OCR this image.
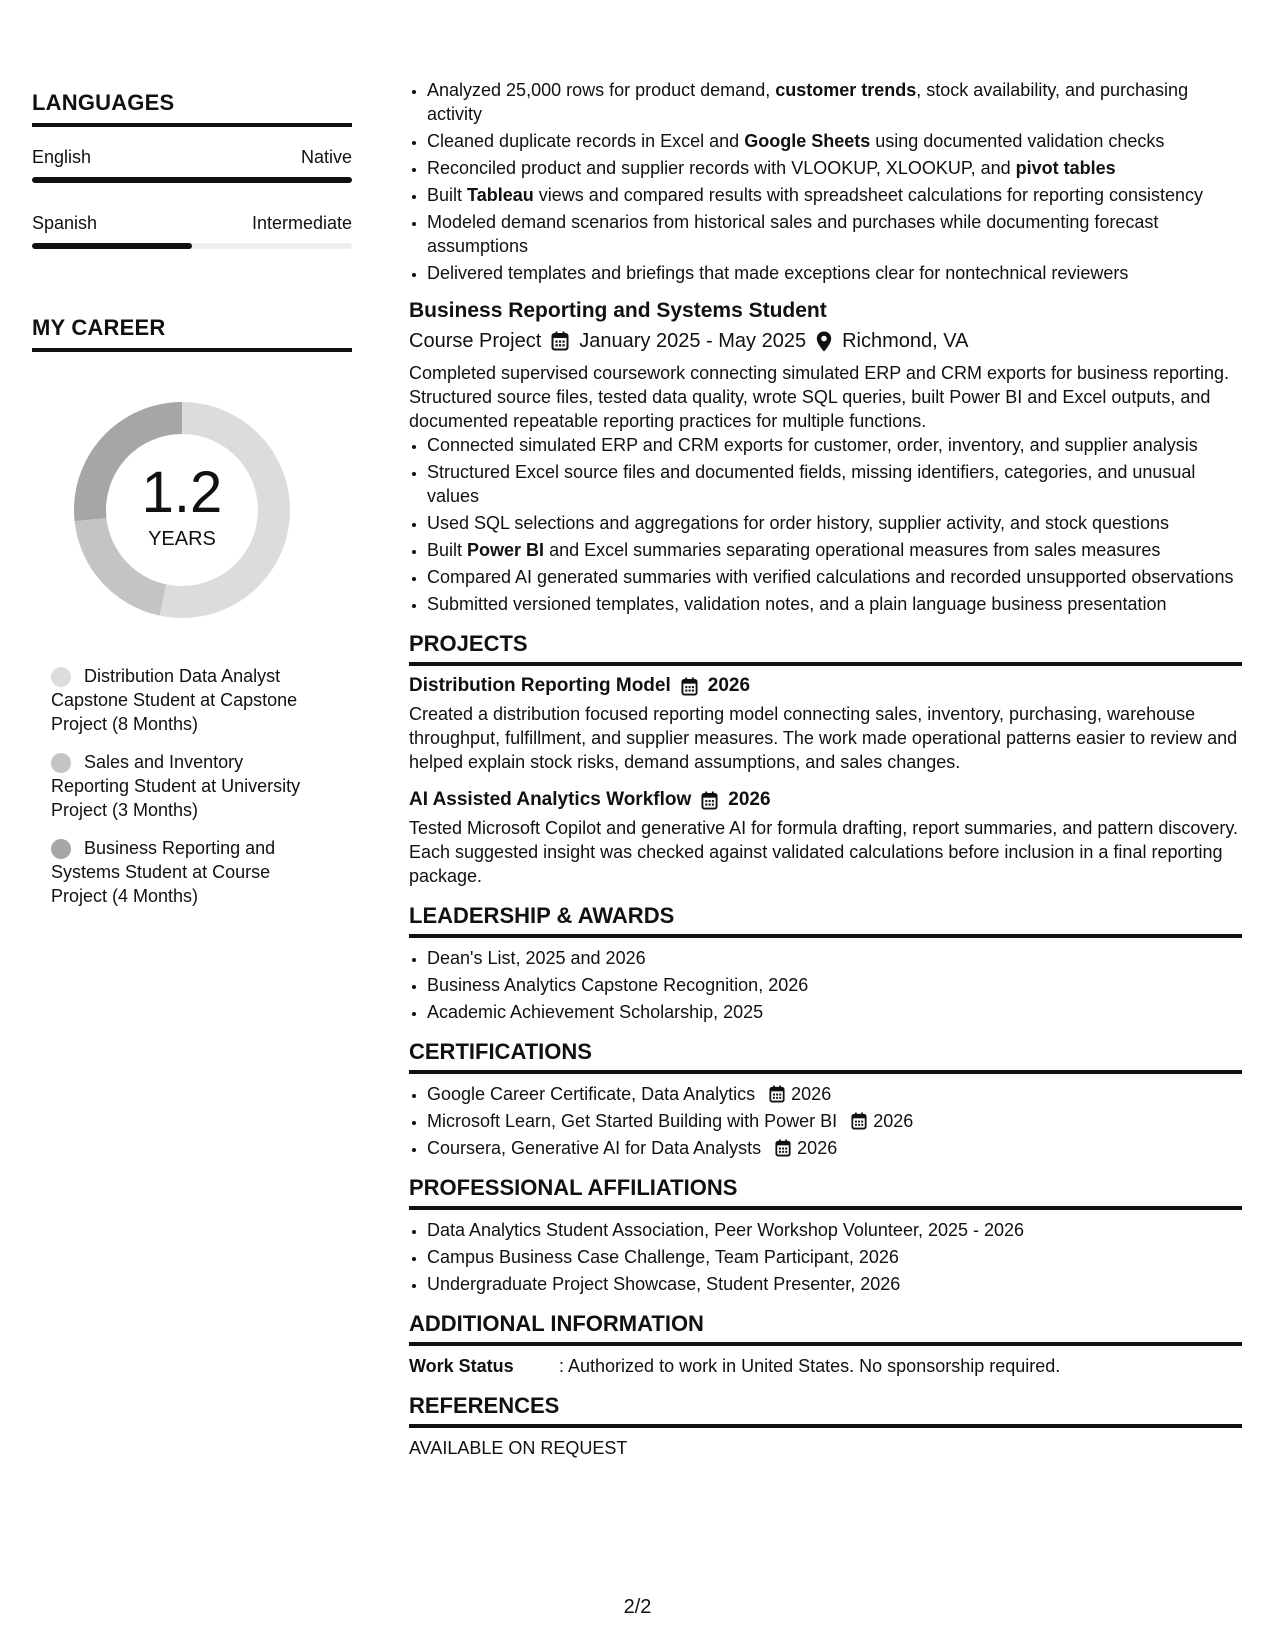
LANGUAGES
English	Native
Spanish	Intermediate
MY CAREER
1.2
YEARS
Distribution Data Analyst Capstone Student at Capstone Project (8 Months)
Sales and Inventory Reporting Student at University Project (3 Months)
Business Reporting and Systems Student at Course Project (4 Months)
• Analyzed 25,000 rows for product demand, customer trends, stock availability, and purchasing activity
• Cleaned duplicate records in Excel and Google Sheets using documented validation checks
• Reconciled product and supplier records with VLOOKUP, XLOOKUP, and pivot tables
• Built Tableau views and compared results with spreadsheet calculations for reporting consistency
• Modeled demand scenarios from historical sales and purchases while documenting forecast assumptions
• Delivered templates and briefings that made exceptions clear for nontechnical reviewers
Business Reporting and Systems Student
Course Project January 2025 - May 2025 Richmond, VA
Completed supervised coursework connecting simulated ERP and CRM exports for business reporting. Structured source files, tested data quality, wrote SQL queries, built Power BI and Excel outputs, and documented repeatable reporting practices for multiple functions.
• Connected simulated ERP and CRM exports for customer, order, inventory, and supplier analysis
• Structured Excel source files and documented fields, missing identifiers, categories, and unusual values
• Used SQL selections and aggregations for order history, supplier activity, and stock questions
• Built Power BI and Excel summaries separating operational measures from sales measures
• Compared AI generated summaries with verified calculations and recorded unsupported observations
• Submitted versioned templates, validation notes, and a plain language business presentation
PROJECTS
Distribution Reporting Model 2026
Created a distribution focused reporting model connecting sales, inventory, purchasing, warehouse throughput, fulfillment, and supplier measures. The work made operational patterns easier to review and helped explain stock risks, demand assumptions, and sales changes.
AI Assisted Analytics Workflow 2026
Tested Microsoft Copilot and generative AI for formula drafting, report summaries, and pattern discovery. Each suggested insight was checked against validated calculations before inclusion in a final reporting package.
LEADERSHIP & AWARDS
• Dean's List, 2025 and 2026
• Business Analytics Capstone Recognition, 2026
• Academic Achievement Scholarship, 2025
CERTIFICATIONS
• Google Career Certificate, Data Analytics 2026
• Microsoft Learn, Get Started Building with Power BI 2026
• Coursera, Generative AI for Data Analysts 2026
PROFESSIONAL AFFILIATIONS
• Data Analytics Student Association, Peer Workshop Volunteer, 2025 - 2026
• Campus Business Case Challenge, Team Participant, 2026
• Undergraduate Project Showcase, Student Presenter, 2026
ADDITIONAL INFORMATION
Work Status	: Authorized to work in United States. No sponsorship required.
REFERENCES
AVAILABLE ON REQUEST
2/2
